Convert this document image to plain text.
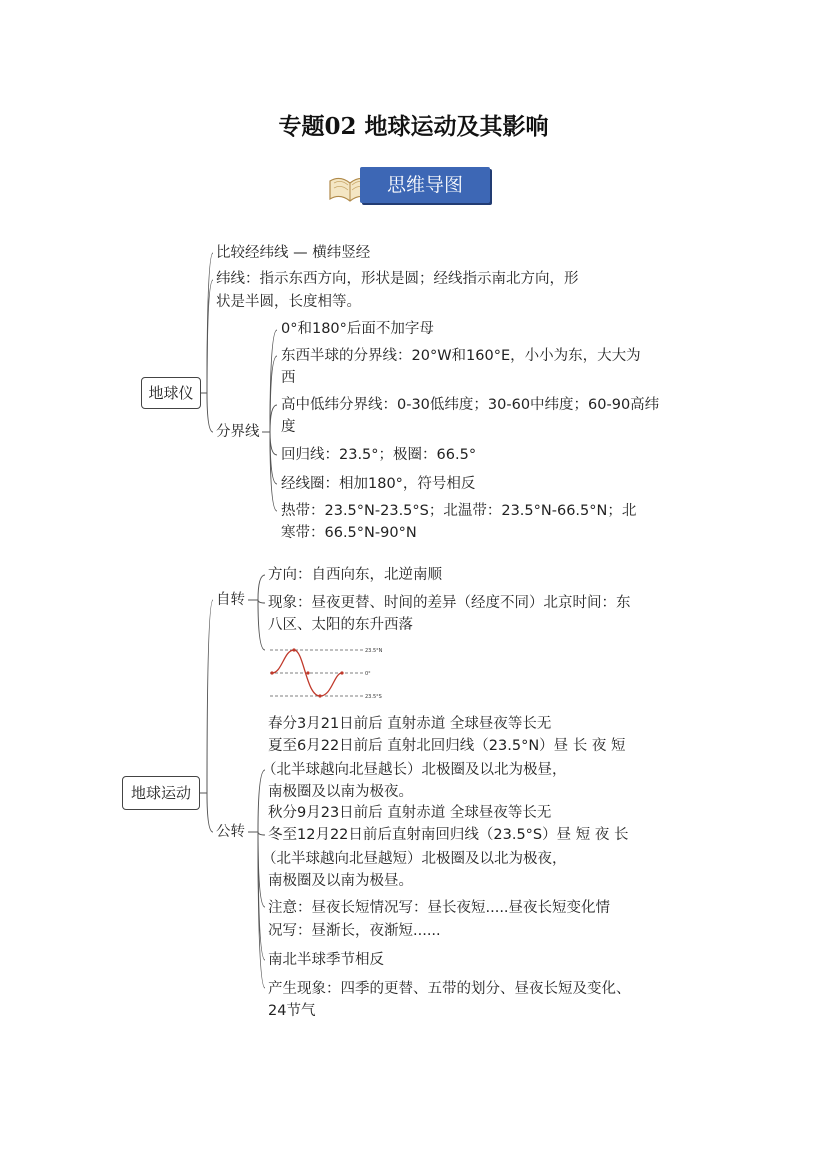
专题02 地球运动及其影响
思维导图
地球仪
比较经纬线 — 横纬竖经
纬线：指示东西方向，形状是圆；经线指示南北方向，形
状是半圆，长度相等。
分界线
0°和180°后面不加字母
东西半球的分界线：20°W和160°E，小小为东，大大为
西
高中低纬分界线：0-30低纬度；30-60中纬度；60-90高纬
度
回归线：23.5°；极圈：66.5°
经线圈：相加180°，符号相反
热带：23.5°N-23.5°S；北温带：23.5°N-66.5°N；北
寒带：66.5°N-90°N
地球运动
自转
方向：自西向东，北逆南顺
现象：昼夜更替、时间的差异（经度不同）北京时间：东
八区、太阳的东升西落
23.5°N
0°
23.5°S
公转
春分3月21日前后 直射赤道 全球昼夜等长无
夏至6月22日前后 直射北回归线（23.5°N）昼 长 夜 短
（北半球越向北昼越长）北极圈及以北为极昼，
南极圈及以南为极夜。
秋分9月23日前后 直射赤道 全球昼夜等长无
冬至12月22日前后直射南回归线（23.5°S）昼 短 夜 长
（北半球越向北昼越短）北极圈及以北为极夜，
南极圈及以南为极昼。
注意：昼夜长短情况写：昼长夜短.....昼夜长短变化情
况写：昼渐长，夜渐短......
南北半球季节相反
产生现象：四季的更替、五带的划分、昼夜长短及变化、
24节气
